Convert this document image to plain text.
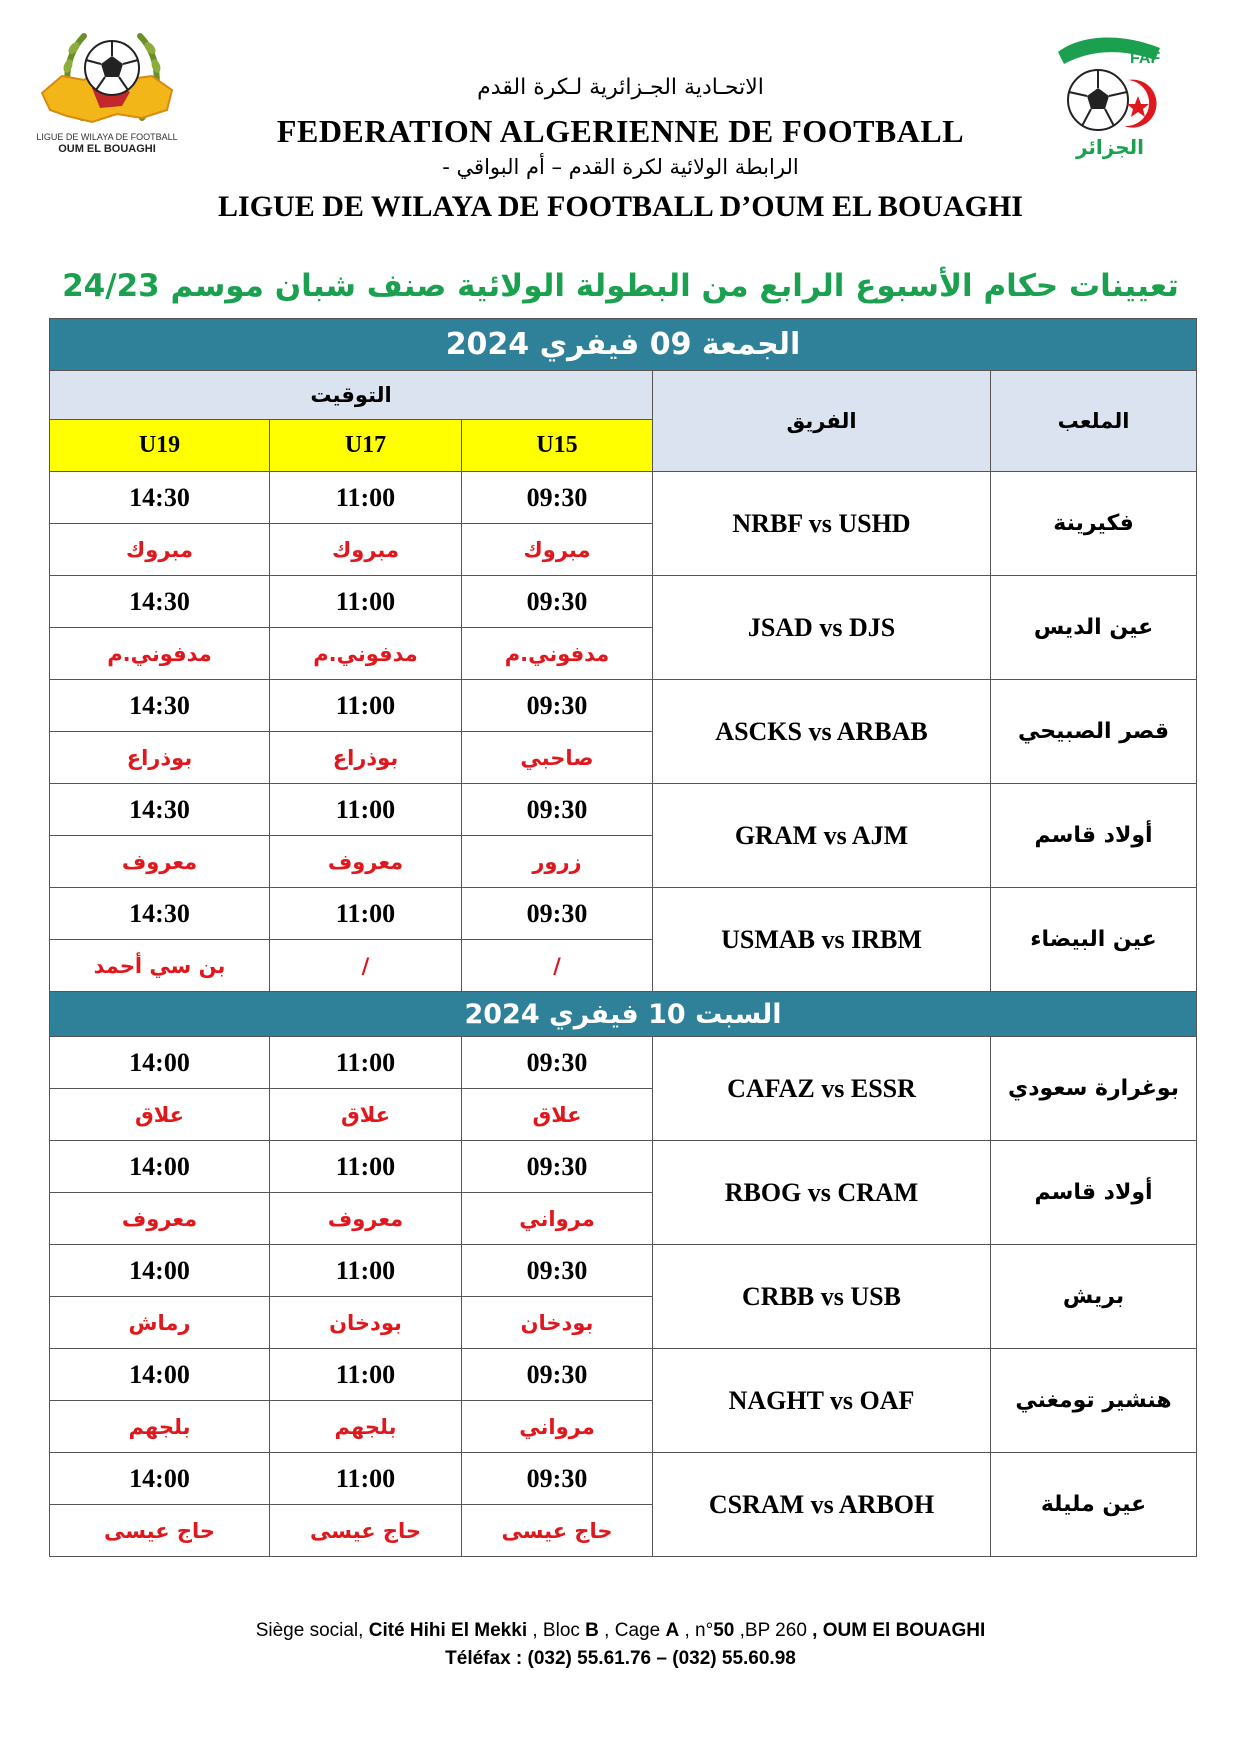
LIGUE DE WILAYA DE FOOTBALL
OUM EL BOUAGHI
FAF
الجزائر
الاتحـادية الجـزائرية لـكرة القدم
FEDERATION ALGERIENNE DE FOOTBALL
الرابطة الولائية لكرة القدم – أم البواقي -
LIGUE DE WILAYA DE FOOTBALL D’OUM EL BOUAGHI
تعيينات حكام الأسبوع الرابع من البطولة الولائية صنف شبان موسم 24/23
الجمعة 09 فيفري 2024				
التوقيت			الفريق	الملعب
U19	U17	U15		
14:30	11:00	09:30	NRBF vs USHD	فكيرينة
مبروك	مبروك	مبروك		
14:30	11:00	09:30	JSAD vs DJS	عين الديس
مدفوني.م	مدفوني.م	مدفوني.م		
14:30	11:00	09:30	ASCKS vs ARBAB	قصر الصبيحي
بوذراع	بوذراع	صاحبي		
14:30	11:00	09:30	GRAM vs AJM	أولاد قاسم
معروف	معروف	زرور		
14:30	11:00	09:30	USMAB vs IRBM	عين البيضاء
بن سي أحمد	/	/		
السبت 10 فيفري 2024				
14:00	11:00	09:30	CAFAZ vs ESSR	بوغرارة سعودي
علاق	علاق	علاق		
14:00	11:00	09:30	RBOG vs CRAM	أولاد قاسم
معروف	معروف	مرواني		
14:00	11:00	09:30	CRBB vs USB	بريش
رماش	بودخان	بودخان		
14:00	11:00	09:30	NAGHT vs OAF	هنشير تومغني
بلجهم	بلجهم	مرواني		
14:00	11:00	09:30	CSRAM vs ARBOH	عين مليلة
حاج عيسى	حاج عيسى	حاج عيسى		
Siège social, Cité Hihi El Mekki , Bloc B , Cage A , n°50 ,BP 260 , OUM El BOUAGHI
Téléfax : (032) 55.61.76 – (032) 55.60.98
